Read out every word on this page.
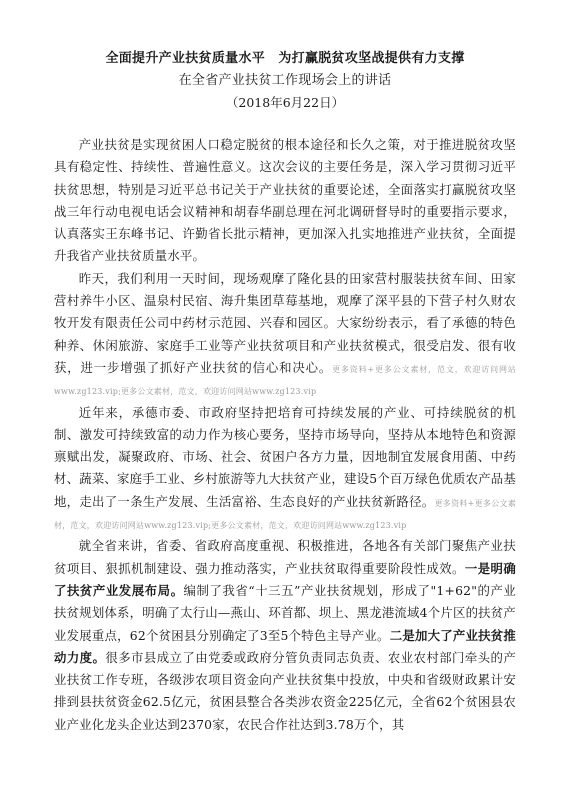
全面提升产业扶贫质量水平　为打赢脱贫攻坚战提供有力支撑

在全省产业扶贫工作现场会上的讲话

（2018年6月22日）

产业扶贫是实现贫困人口稳定脱贫的根本途径和长久之策，对于推进脱贫攻坚具有稳定性、持续性、普遍性意义。这次会议的主要任务是，深入学习贯彻习近平扶贫思想，特别是习近平总书记关于产业扶贫的重要论述，全面落实打赢脱贫攻坚战三年行动电视电话会议精神和胡春华副总理在河北调研督导时的重要指示要求，认真落实王东峰书记、许勤省长批示精神，更加深入扎实地推进产业扶贫，全面提升我省产业扶贫质量水平。

昨天，我们利用一天时间，现场观摩了隆化县的田家营村服装扶贫车间、田家营村养牛小区、温泉村民宿、海升集团草莓基地，观摩了深平县的下营子村久财农牧开发有限责任公司中药材示范园、兴春和园区。大家纷纷表示，看了承德的特色种养、休闲旅游、家庭手工业等产业扶贫项目和产业扶贫模式，很受启发、很有收获，进一步增强了抓好产业扶贫的信心和决心。更多资料+更多公文素材，范文，欢迎访问网站www.zg123.vip;更多公文素材，范文，欢迎访问网站www.zg123.vip

近年来，承德市委、市政府坚持把培育可持续发展的产业、可持续脱贫的机制、激发可持续致富的动力作为核心要务，坚持市场导向，坚持从本地特色和资源禀赋出发，凝聚政府、市场、社会、贫困户各方力量，因地制宜发展食用菌、中药材、蔬菜、家庭手工业、乡村旅游等九大扶贫产业，建设5个百万绿色优质农产品基地，走出了一条生产发展、生活富裕、生态良好的产业扶贫新路径。更多资料+更多公文素材，范文，欢迎访问网站www.zg123.vip;更多公文素材，范文，欢迎访问网站www.zg123.vip

就全省来讲，省委、省政府高度重视、积极推进，各地各有关部门聚焦产业扶贫项目、狠抓机制建设、强力推动落实，产业扶贫取得重要阶段性成效。一是明确了扶贫产业发展布局。编制了我省“十三五”产业扶贫规划，形成了"1+62"的产业扶贫规划体系，明确了太行山—燕山、环首都、坝上、黑龙港流域4个片区的扶贫产业发展重点，62个贫困县分别确定了3至5个特色主导产业。二是加大了产业扶贫推动力度。很多市县成立了由党委或政府分管负责同志负责、农业农村部门牵头的产业扶贫工作专班，各级涉农项目资金向产业扶贫集中投放，中央和省级财政累计安排到县扶贫资金62.5亿元，贫困县整合各类涉农资金225亿元，全省62个贫困县农业产业化龙头企业达到2370家，农民合作社达到3.78万个，其
